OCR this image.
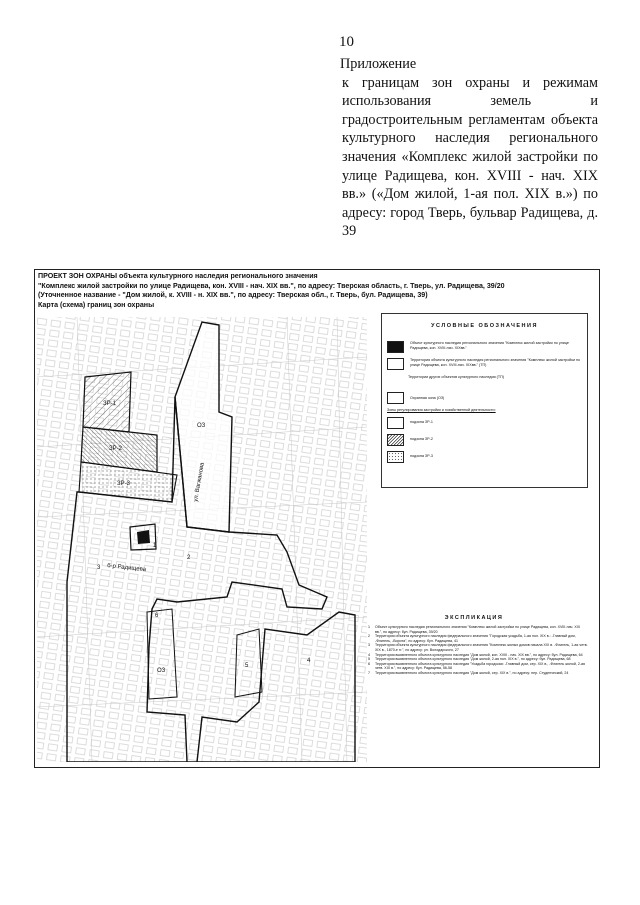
10
Приложение
к границам зон охраны и режимам использования земель и градостроительным регламентам объекта культурного наследия регионального значения «Комплекс жилой застройки по улице Радищева, кон. XVIII - нач. XIX вв.» («Дом жилой, 1-ая пол. XIX в.») по адресу: город Тверь, бульвар Радищева, д. 39
ПРОЕКТ ЗОН ОХРАНЫ объекта культурного наследия регионального значения
"Комплекс жилой застройки по улице Радищева, кон. XVIII - нач. XIX вв.", по адресу: Тверская область, г. Тверь, ул. Радищева, 39/20
(Уточненное название - "Дом жилой, к. XVIII - н. XIX вв.", по адресу: Тверская обл., г. Тверь, бул. Радищева, 39)
Карта (схема) границ зон охраны
ул. Вагжанова
б-р Радищева
ЗР-1
ЗР-2
ЗР-3
ОЗ
ОЗ
1
2
3
4
5
6
УСЛОВНЫЕ ОБОЗНАЧЕНИЯ
Объект культурного наследия регионального значения "Комплекс жилой застройки по улице Радищева, кон. XVIII-нач. XIXвв."
Территория объекта культурного наследия регионального значения "Комплекс жилой застройки по улице Радищева, кон. XVIII-нач. XIXвв." (ТП)
Территории других объектов культурного наследия (ТП)
Охранная зона (ОЗ)
Зоны регулирования застройки и хозяйственной деятельности:
подзона ЗР-1
подзона ЗР-2
подзона ЗР-3
ЭКСПЛИКАЦИЯ
1	Объект культурного наследия регионального значения "Комплекс жилой застройки по улице Радищева, кон. XVIII-нач. XIX вв.", по адресу: бул. Радищева, 39/20
2	Территория объекта культурного наследия федерального значения "Городская усадьба, 1-ая пол. XIX в.: -Главный дом, -Флигель, -Ворота", по адресу: бул. Радищева, 41
3	Территория объекта культурного наследия федерального значения "Комплекс жилых домов начала XIX в. -Флигель, 1-ая четв. XIX в., 1870-е гг.", по адресу: ул. Володарского, 27
4	Территория выявленного объекта культурного наследия "Дом жилой, кон. XVIII - нач. XIX вв.", по адресу: бул. Радищева, 64
5	Территория выявленного объекта культурного наследия "Дом жилой, 2-ая пол. XIX в.", по адресу: бул. Радищева, 68
6	Территория выявленного объекта культурного наследия "Усадьба городская: -Главный дом, сер. XIX в., -Флигель жилой, 2-ая четв. XIX в.", по адресу: бул. Радищева, 56-58
7	Территория выявленного объекта культурного наследия "Дом жилой, сер. XIX в.", по адресу: пер. Студенческий, 24
